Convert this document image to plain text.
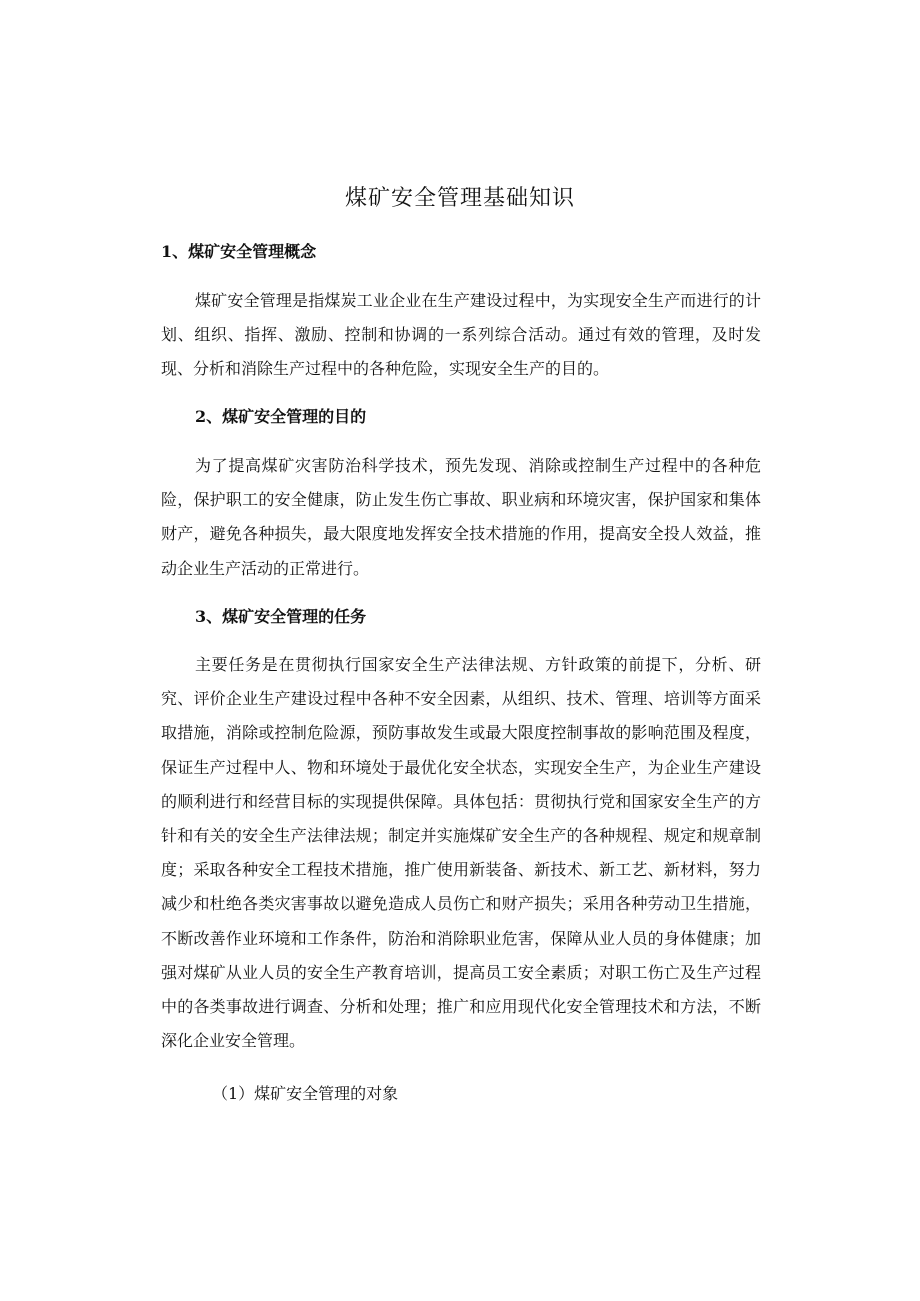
煤矿安全管理基础知识
1、煤矿安全管理概念

煤矿安全管理是指煤炭工业企业在生产建设过程中，为实现安全生产而进行的计划、组织、指挥、激励、控制和协调的一系列综合活动。通过有效的管理，及时发现、分析和消除生产过程中的各种危险，实现安全生产的目的。

2、煤矿安全管理的目的

为了提高煤矿灾害防治科学技术，预先发现、消除或控制生产过程中的各种危险，保护职工的安全健康，防止发生伤亡事故、职业病和环境灾害，保护国家和集体财产，避免各种损失，最大限度地发挥安全技术措施的作用，提高安全投人效益，推动企业生产活动的正常进行。

3、煤矿安全管理的任务

主要任务是在贯彻执行国家安全生产法律法规、方针政策的前提下，分析、研究、评价企业生产建设过程中各种不安全因素，从组织、技术、管理、培训等方面采取措施，消除或控制危险源，预防事故发生或最大限度控制事故的影响范围及程度，保证生产过程中人、物和环境处于最优化安全状态，实现安全生产，为企业生产建设的顺利进行和经营目标的实现提供保障。具体包括：贯彻执行党和国家安全生产的方针和有关的安全生产法律法规；制定并实施煤矿安全生产的各种规程、规定和规章制度；采取各种安全工程技术措施，推广使用新装备、新技术、新工艺、新材料，努力减少和杜绝各类灾害事故以避免造成人员伤亡和财产损失；采用各种劳动卫生措施，不断改善作业环境和工作条件，防治和消除职业危害，保障从业人员的身体健康；加强对煤矿从业人员的安全生产教育培训，提高员工安全素质；对职工伤亡及生产过程中的各类事故进行调查、分析和处理；推广和应用现代化安全管理技术和方法，不断深化企业安全管理。

（1）煤矿安全管理的对象
